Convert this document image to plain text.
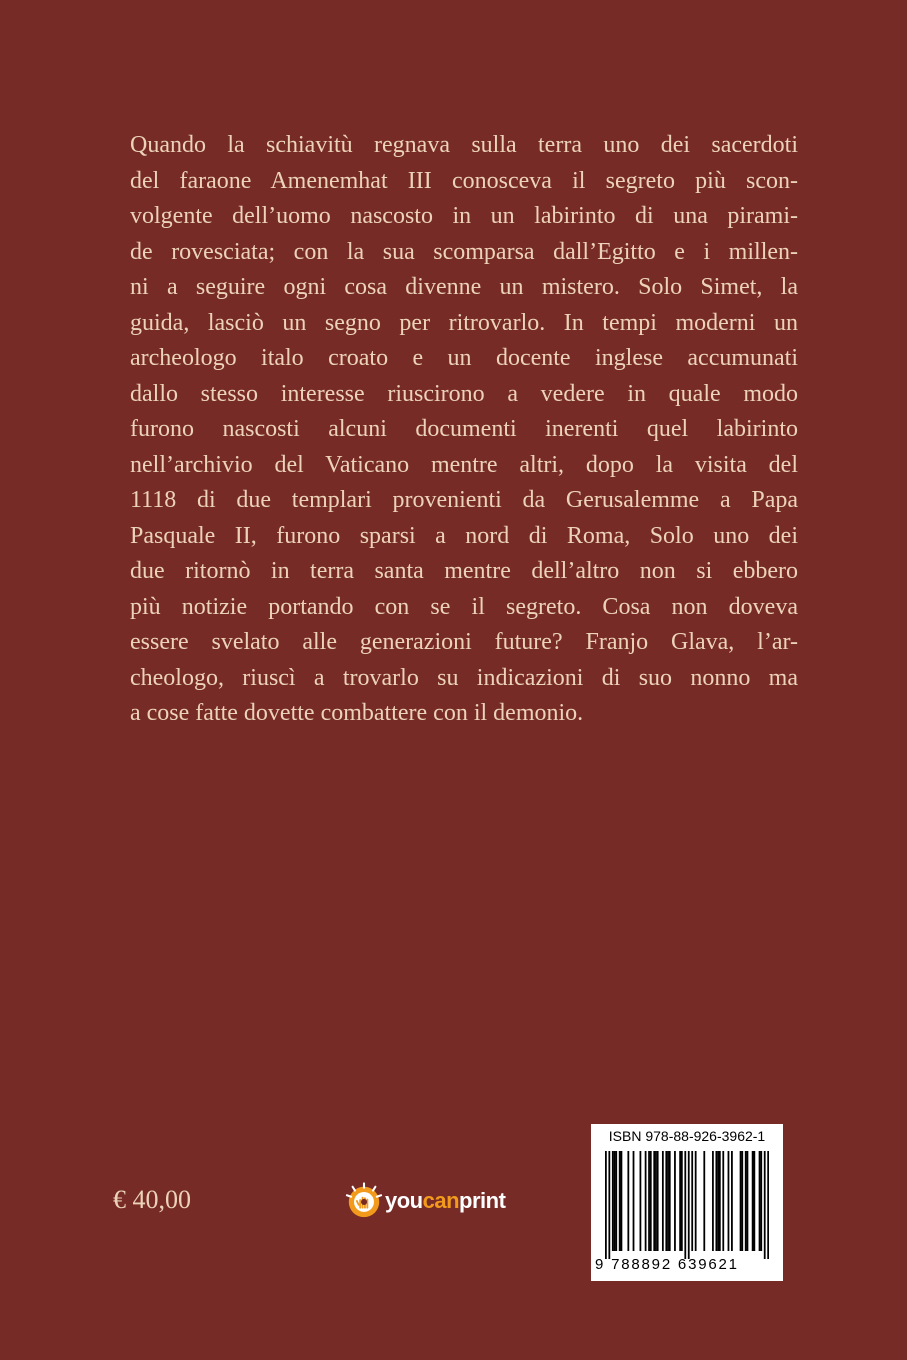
Quando la schiavitù regnava sulla terra uno dei sacerdoti
del faraone Amenemhat III conosceva il segreto più scon-
volgente dell’uomo nascosto in un labirinto di una pirami-
de rovesciata; con la sua scomparsa dall’Egitto e i millen-
ni a seguire ogni cosa divenne un mistero. Solo Simet, la
guida, lasciò un segno per ritrovarlo. In tempi moderni un
archeologo italo croato e un docente inglese accumunati
dallo stesso interesse riuscirono a vedere in quale modo
furono nascosti alcuni documenti inerenti quel labirinto
nell’archivio del Vaticano mentre altri, dopo la visita del
1118 di due templari provenienti da Gerusalemme a Papa
Pasquale II, furono sparsi a nord di Roma, Solo uno dei
due ritornò in terra santa mentre dell’altro non si ebbero
più notizie portando con se il segreto. Cosa non doveva
essere svelato alle generazioni future? Franjo Glava, l’ar-
cheologo, riuscì a trovarlo su indicazioni di suo nonno ma
a cose fatte dovette combattere con il demonio.
€ 40,00	youcanprint
ISBN 978-88-926-3962-1
9 788892 639621
